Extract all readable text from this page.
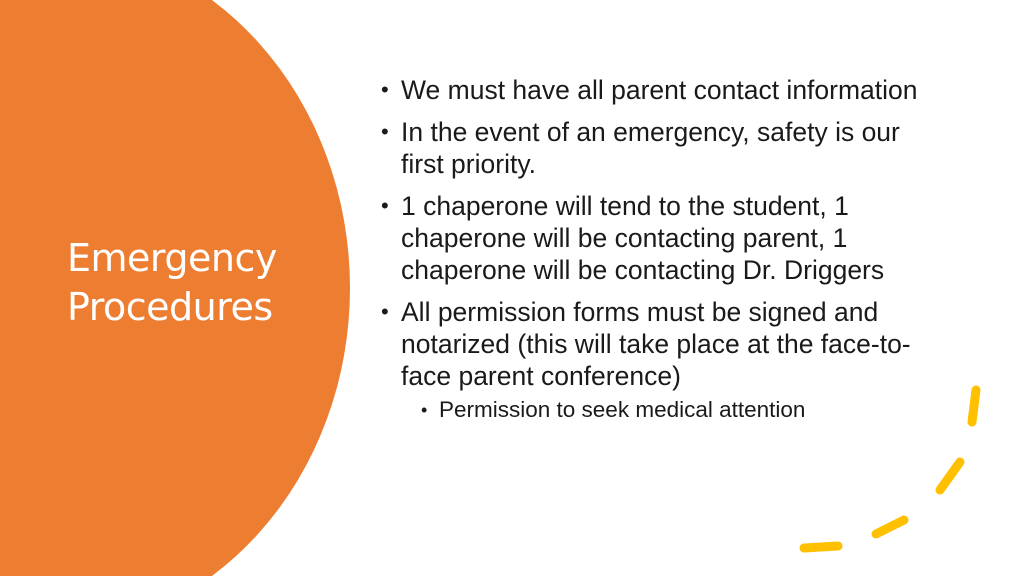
Emergency
Procedures
• We must have all parent contact information
• In the event of an emergency, safety is our first priority.
• 1 chaperone will tend to the student, 1 chaperone will be contacting parent, 1 chaperone will be contacting Dr. Driggers
• All permission forms must be signed and notarized (this will take place at the face-to-face parent conference)
• Permission to seek medical attention
